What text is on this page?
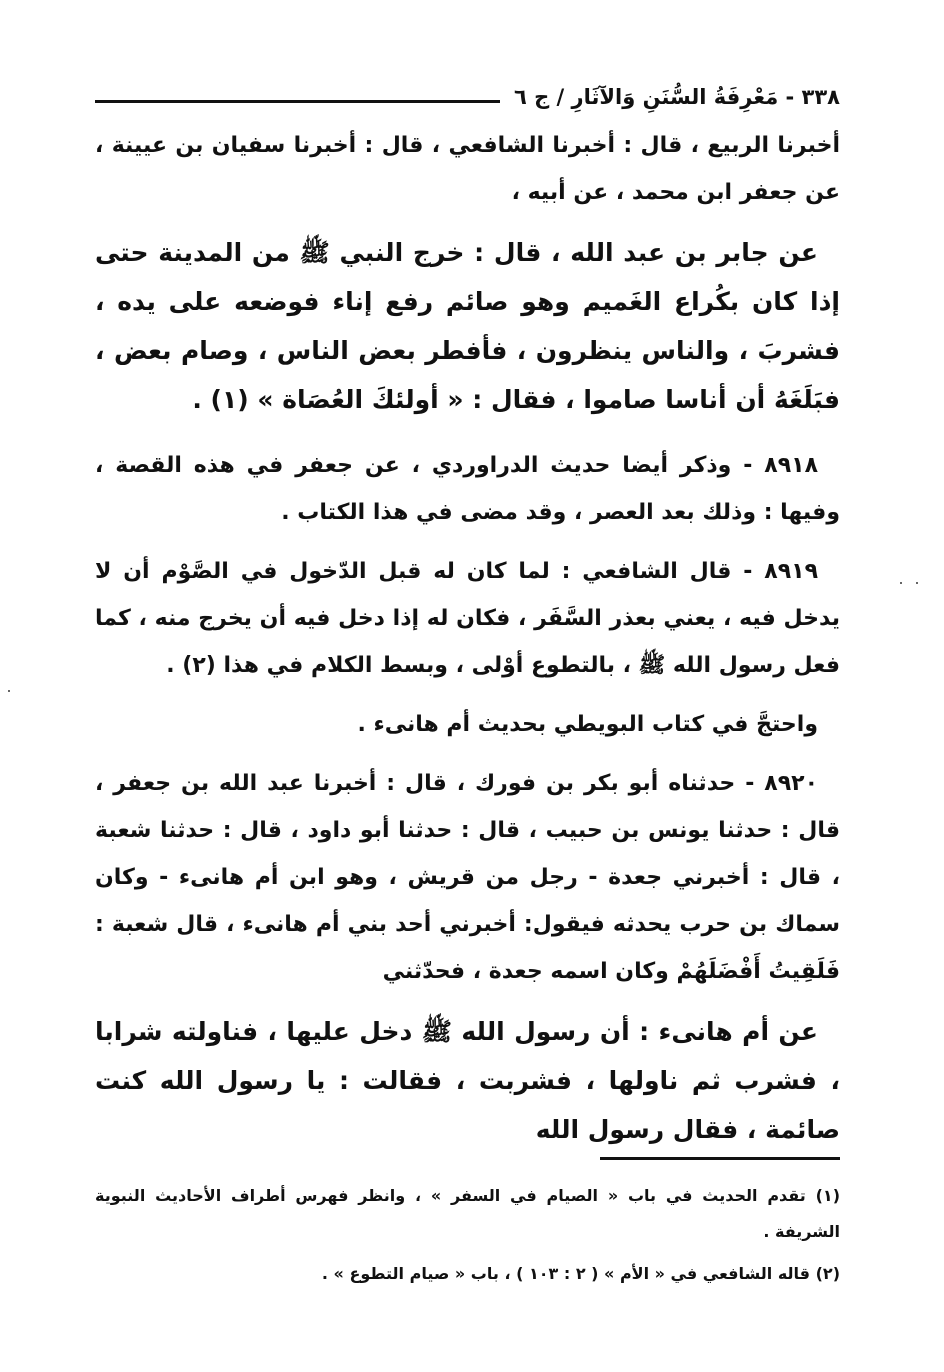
٣٣٨ - مَعْرِفَةُ السُّنَنِ وَالآثَارِ / ج ٦

أخبرنا الربيع ، قال : أخبرنا الشافعي ، قال : أخبرنا سفيان بن عيينة ، عن جعفر ابن محمد ، عن أبيه ،

عن جابر بن عبد الله ، قال : خرج النبي ﷺ من المدينة حتى إذا كان بكُراع الغَميم وهو صائم رفع إناء فوضعه على يده ، فشربَ ، والناس ينظرون ، فأفطر بعض الناس ، وصام بعض ، فبَلَغَهُ أن أناسا صاموا ، فقال : « أولئكَ العُصَاة » (١) .

٨٩١٨ - وذكر أيضا حديث الدراوردي ، عن جعفر في هذه القصة ، وفيها : وذلك بعد العصر ، وقد مضى في هذا الكتاب .

٨٩١٩ - قال الشافعي : لما كان له قبل الدّخول في الصَّوْم أن لا يدخل فيه ، يعني بعذر السَّفَر ، فكان له إذا دخل فيه أن يخرج منه ، كما فعل رسول الله ﷺ ، بالتطوع أوْلى ، وبسط الكلام في هذا (٢) .

واحتجَّ في كتاب البويطي بحديث أم هانىء .

٨٩٢٠ - حدثناه أبو بكر بن فورك ، قال : أخبرنا عبد الله بن جعفر ، قال : حدثنا يونس بن حبيب ، قال : حدثنا أبو داود ، قال : حدثنا شعبة ، قال : أخبرني جعدة - رجل من قريش ، وهو ابن أم هانىء - وكان سماك بن حرب يحدثه فيقول: أخبرني أحد بني أم هانىء ، قال شعبة : فَلَقِيتُ أَفْضَلَهُمْ وكان اسمه جعدة ، فحدّثني

عن أم هانىء : أن رسول الله ﷺ دخل عليها ، فناولته شرابا ، فشرب ثم ناولها ، فشربت ، فقالت : يا رسول الله كنت صائمة ، فقال رسول الله

(١) تقدم الحديث في باب « الصيام في السفر » ، وانظر فهرس أطراف الأحاديث النبوية الشريفة .

(٢) قاله الشافعي في « الأم » ( ٢ : ١٠٣ ) ، باب « صيام التطوع » .
